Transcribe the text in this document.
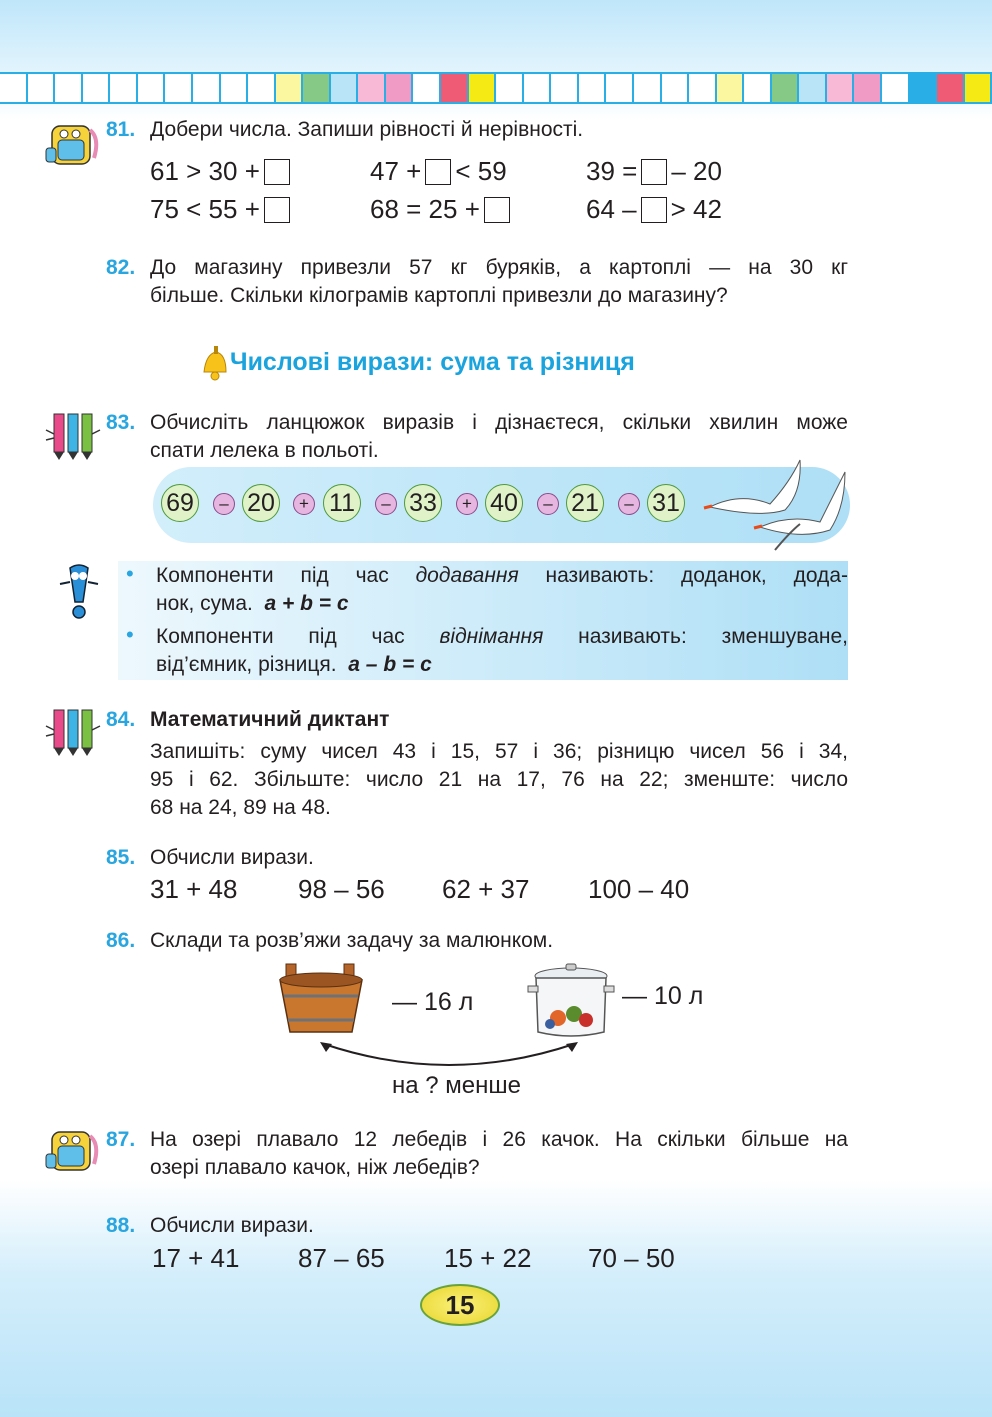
81. Добери числа. Запиши рівності й нерівності.
61 > 30 +	47 + < 59	39 = – 20
75 < 55 +	68 = 25 +	64 – > 42
82. До магазину привезли 57 кг буряків, а картоплі — на 30 кг
більше. Скільки кілограмів картоплі привезли до магазину?
Числові вирази: сума та різниця
83. Обчисліть ланцюжок виразів і дізнаєтеся, скільки хвилин може
спати лелека в польоті.
69	– 20	+ 11	– 33	+ 40	– 21	– 31
• Компоненти під час додавання називають: доданок, дода-
нок, сума. a + b = c
• Компоненти під час віднімання називають: зменшуване,
від’ємник, різниця. a – b = c
84. Математичний диктант
Запишіть: суму чисел 43 і 15, 57 і 36; різницю чисел 56 і 34,
95 і 62. Збільште: число 21 на 17, 76 на 22; зменште: число
68 на 24, 89 на 48.
85. Обчисли вирази.
31 + 48 98 – 56 62 + 37 100 – 40
86. Склади та розв’яжи задачу за малюнком.
— 16 л	— 10 л
на ? менше
87. На озері плавало 12 лебедів і 26 качок. На скільки більше на
озері плавало качок, ніж лебедів?
88. Обчисли вирази.
17 + 41 87 – 65 15 + 22 70 – 50
15
